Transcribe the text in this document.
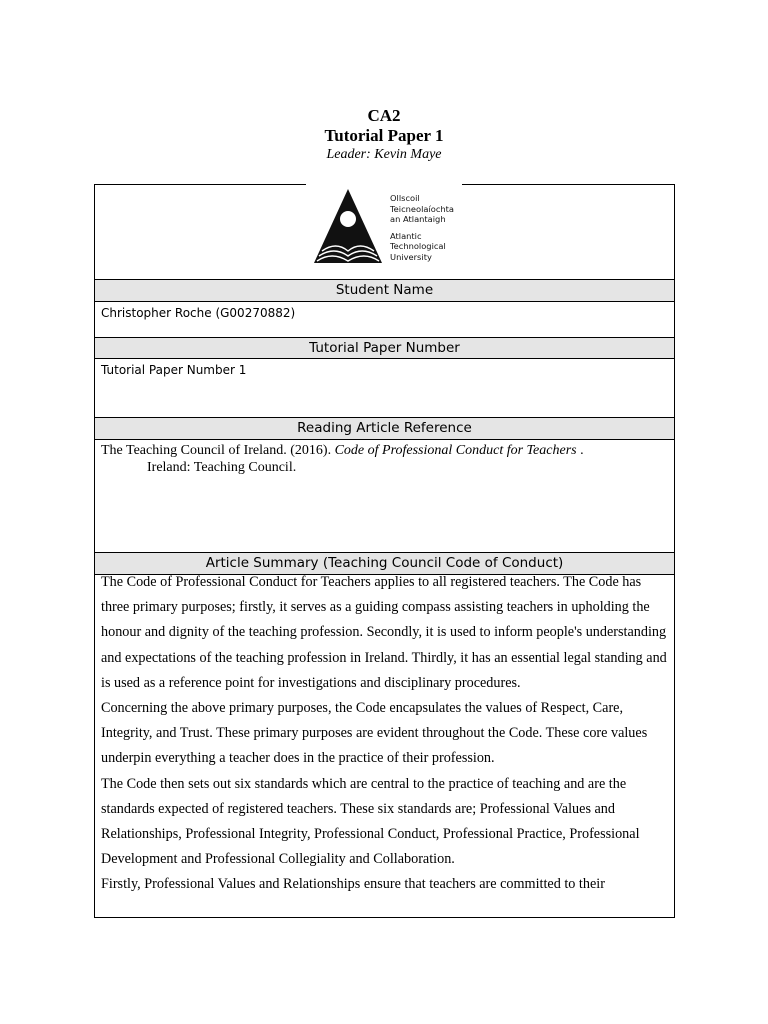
CA2
Tutorial Paper 1
Leader: Kevin Maye
Ollscoil
Teicneolaíochta
an Atlantaigh
Atlantic
Technological
University
Student Name
Christopher Roche (G00270882)
Tutorial Paper Number
Tutorial Paper Number 1
Reading Article Reference
The Teaching Council of Ireland. (2016). Code of Professional Conduct for Teachers .
Ireland: Teaching Council.
Article Summary (Teaching Council Code of Conduct)

The Code of Professional Conduct for Teachers applies to all registered teachers. The Code has three primary purposes; firstly, it serves as a guiding compass assisting teachers in upholding the honour and dignity of the teaching profession. Secondly, it is used to inform people's understanding and expectations of the teaching profession in Ireland. Thirdly, it has an essential legal standing and is used as a reference point for investigations and disciplinary procedures.

Concerning the above primary purposes, the Code encapsulates the values of Respect, Care, Integrity, and Trust. These primary purposes are evident throughout the Code. These core values underpin everything a teacher does in the practice of their profession.

The Code then sets out six standards which are central to the practice of teaching and are the standards expected of registered teachers. These six standards are; Professional Values and Relationships, Professional Integrity, Professional Conduct, Professional Practice, Professional Development and Professional Collegiality and Collaboration.

Firstly, Professional Values and Relationships ensure that teachers are committed to their
